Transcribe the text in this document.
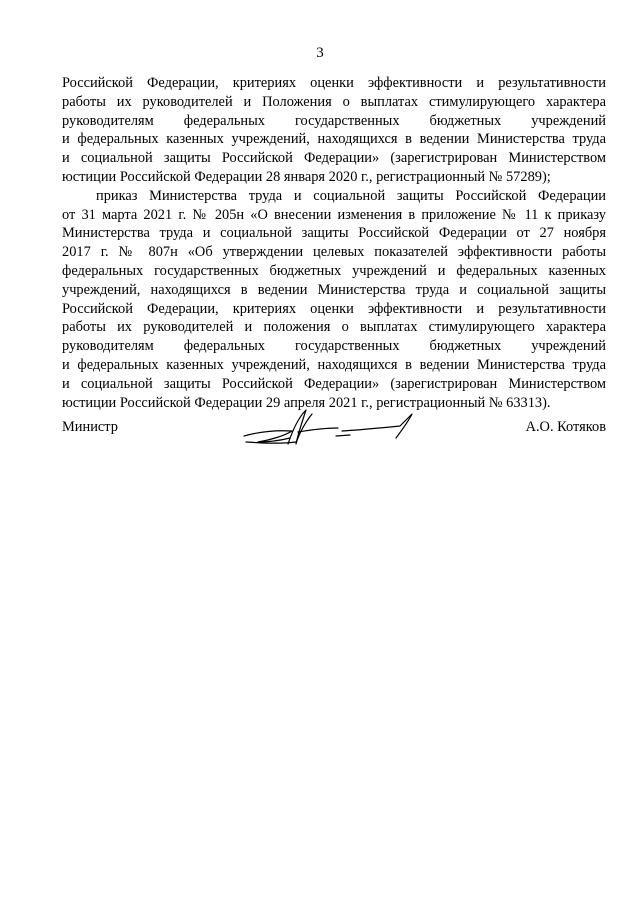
3
Российской Федерации, критериях оценки эффективности и результативности
работы их руководителей и Положения о выплатах стимулирующего характера
руководителям федеральных государственных бюджетных учреждений
и федеральных казенных учреждений, находящихся в ведении Министерства труда
и социальной защиты Российской Федерации» (зарегистрирован Министерством
юстиции Российской Федерации 28 января 2020 г., регистрационный № 57289);
приказ Министерства труда и социальной защиты Российской Федерации
от 31 марта 2021 г. № 205н «О внесении изменения в приложение № 11 к приказу
Министерства труда и социальной защиты Российской Федерации от 27 ноября
2017 г. № 807н «Об утверждении целевых показателей эффективности работы
федеральных государственных бюджетных учреждений и федеральных казенных
учреждений, находящихся в ведении Министерства труда и социальной защиты
Российской Федерации, критериях оценки эффективности и результативности
работы их руководителей и положения о выплатах стимулирующего характера
руководителям федеральных государственных бюджетных учреждений
и федеральных казенных учреждений, находящихся в ведении Министерства труда
и социальной защиты Российской Федерации» (зарегистрирован Министерством
юстиции Российской Федерации 29 апреля 2021 г., регистрационный № 63313).
Министр	А.О. Котяков
